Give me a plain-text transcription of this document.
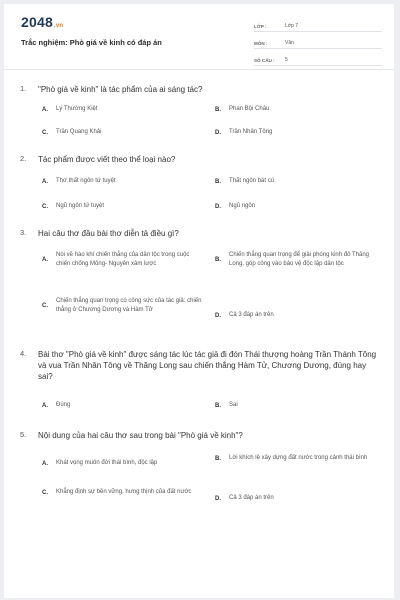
2048.vn
Trắc nghiệm: Phò giá về kinh có đáp án
LỚP :	Lớp 7
MÔN :	Văn
SỐ CÂU :	5
1. "Phò giá về kinh" là tác phẩm của ai sáng tác?
A.	Lý Thường Kiệt	B.	Phan Bội Châu
C.	Trần Quang Khải	D.	Trần Nhân Tông
2. Tác phẩm được viết theo thể loại nào?
A.	Thơ thất ngôn tứ tuyệt	B.	Thất ngôn bát cú
C.	Ngũ ngôn tứ tuyệt	D.	Ngũ ngôn
3. Hai câu thơ đầu bài thơ diễn tả điều gì?
A.
Nói về hào khí chiến thắng của dân tộc trong cuộc chiến chống Mông- Nguyên xâm lược
B.
Chiến thắng quan trọng để giải phóng kinh đô Thăng Long, góp công vào bảo vệ độc lập dân tộc
C.
Chiến thắng quan trọng có công sức của tác giả: chiến thắng ở Chương Dương và Hàm Tử
D.	Cả 3 đáp án trên
4. Bài thơ "Phò giá về kinh" được sáng tác lúc tác giả đi đón Thái thượng hoàng Trần Thánh Tông và vua Trần Nhân Tông về Thăng Long sau chiến thắng Hàm Tử, Chương Dương, đúng hay sai?
A.	Đúng	B.	Sai
5. Nội dung của hai câu thơ sau trong bài "Phò giá về kinh"?
A.	Khát vọng muôn đời thái bình, độc lập
B.	Lời khích lệ xây dựng đất nước trong cảnh thái bình
C.	Khẳng định sự bền vững, hưng thịnh của đất nước
D.	Cả 3 đáp án trên
